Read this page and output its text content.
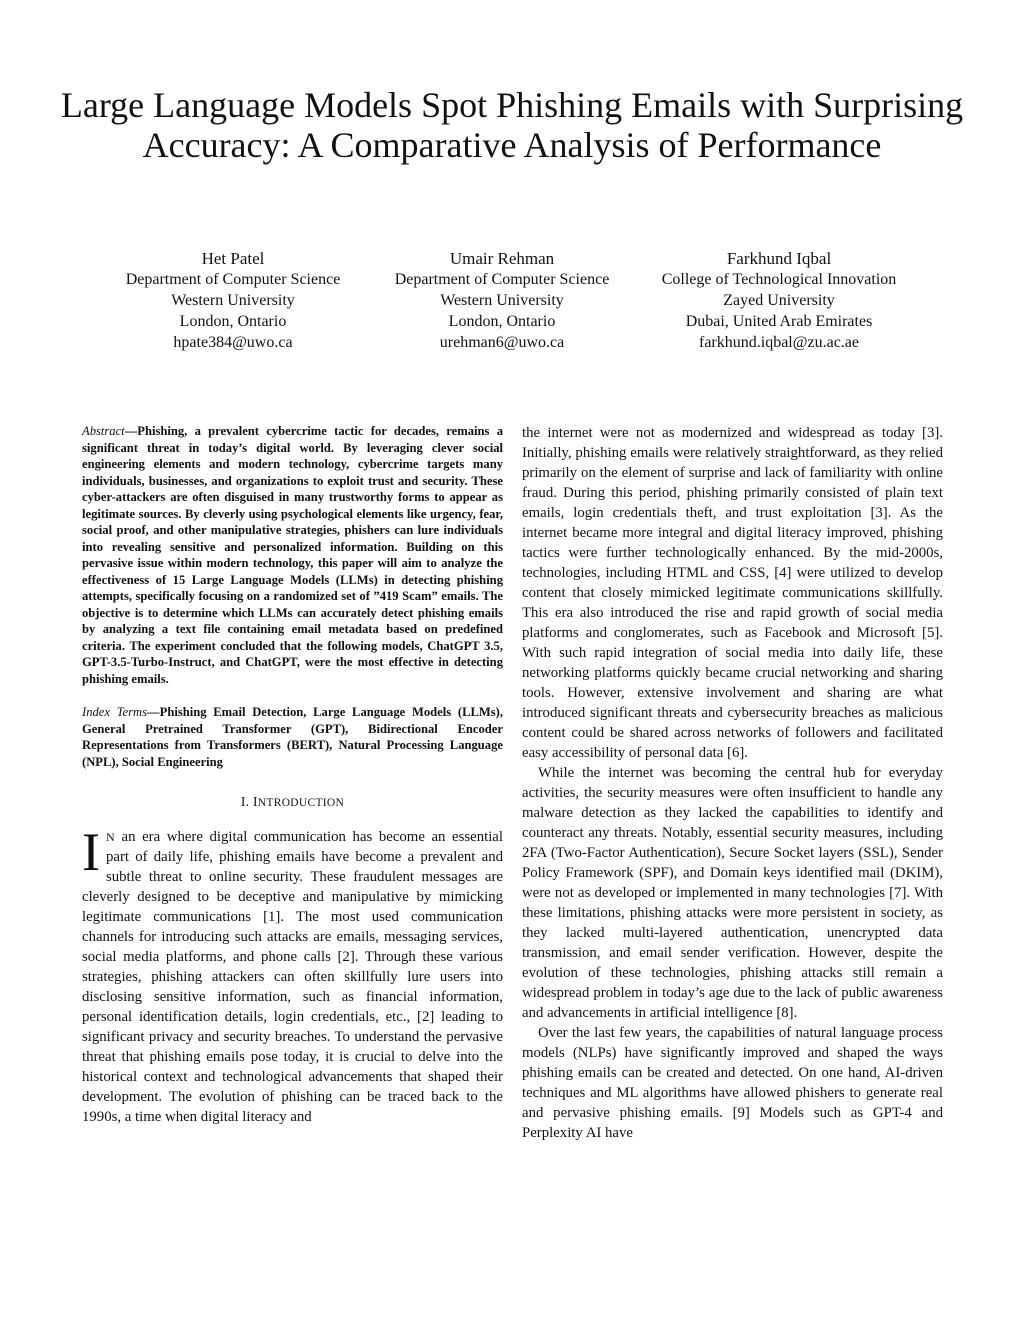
Large Language Models Spot Phishing Emails with Surprising Accuracy: A Comparative Analysis of Performance
Het Patel
Department of Computer Science
Western University
London, Ontario
hpate384@uwo.ca
Umair Rehman
Department of Computer Science
Western University
London, Ontario
urehman6@uwo.ca
Farkhund Iqbal
College of Technological Innovation
Zayed University
Dubai, United Arab Emirates
farkhund.iqbal@zu.ac.ae

Abstract—Phishing, a prevalent cybercrime tactic for decades, remains a significant threat in today’s digital world. By leveraging clever social engineering elements and modern technology, cybercrime targets many individuals, businesses, and organizations to exploit trust and security. These cyber-attackers are often disguised in many trustworthy forms to appear as legitimate sources. By cleverly using psychological elements like urgency, fear, social proof, and other manipulative strategies, phishers can lure individuals into revealing sensitive and personalized information. Building on this pervasive issue within modern technology, this paper will aim to analyze the effectiveness of 15 Large Language Models (LLMs) in detecting phishing attempts, specifically focusing on a randomized set of ”419 Scam” emails. The objective is to determine which LLMs can accurately detect phishing emails by analyzing a text file containing email metadata based on predefined criteria. The experiment concluded that the following models, ChatGPT 3.5, GPT-3.5-Turbo-Instruct, and ChatGPT, were the most effective in detecting phishing emails.

Index Terms—Phishing Email Detection, Large Language Models (LLMs), General Pretrained Transformer (GPT), Bidirectional Encoder Representations from Transformers (BERT), Natural Processing Language (NPL), Social Engineering

I. INTRODUCTION

I N an era where digital communication has become an essential part of daily life, phishing emails have become a prevalent and subtle threat to online security. These fraudulent messages are cleverly designed to be deceptive and manipulative by mimicking legitimate communications [1]. The most used communication channels for introducing such attacks are emails, messaging services, social media platforms, and phone calls [2]. Through these various strategies, phishing attackers can often skillfully lure users into disclosing sensitive information, such as financial information, personal identification details, login credentials, etc., [2] leading to significant privacy and security breaches. To understand the pervasive threat that phishing emails pose today, it is crucial to delve into the historical context and technological advancements that shaped their development. The evolution of phishing can be traced back to the 1990s, a time when digital literacy and

the internet were not as modernized and widespread as today [3]. Initially, phishing emails were relatively straightforward, as they relied primarily on the element of surprise and lack of familiarity with online fraud. During this period, phishing primarily consisted of plain text emails, login credentials theft, and trust exploitation [3]. As the internet became more integral and digital literacy improved, phishing tactics were further technologically enhanced. By the mid-2000s, technologies, including HTML and CSS, [4] were utilized to develop content that closely mimicked legitimate communications skillfully. This era also introduced the rise and rapid growth of social media platforms and conglomerates, such as Facebook and Microsoft [5]. With such rapid integration of social media into daily life, these networking platforms quickly became crucial networking and sharing tools. However, extensive involvement and sharing are what introduced significant threats and cybersecurity breaches as malicious content could be shared across networks of followers and facilitated easy accessibility of personal data [6].

While the internet was becoming the central hub for everyday activities, the security measures were often insufficient to handle any malware detection as they lacked the capabilities to identify and counteract any threats. Notably, essential security measures, including 2FA (Two-Factor Authentication), Secure Socket layers (SSL), Sender Policy Framework (SPF), and Domain keys identified mail (DKIM), were not as developed or implemented in many technologies [7]. With these limitations, phishing attacks were more persistent in society, as they lacked multi-layered authentication, unencrypted data transmission, and email sender verification. However, despite the evolution of these technologies, phishing attacks still remain a widespread problem in today’s age due to the lack of public awareness and advancements in artificial intelligence [8].

Over the last few years, the capabilities of natural language process models (NLPs) have significantly improved and shaped the ways phishing emails can be created and detected. On one hand, AI-driven techniques and ML algorithms have allowed phishers to generate real and pervasive phishing emails. [9] Models such as GPT-4 and Perplexity AI have
